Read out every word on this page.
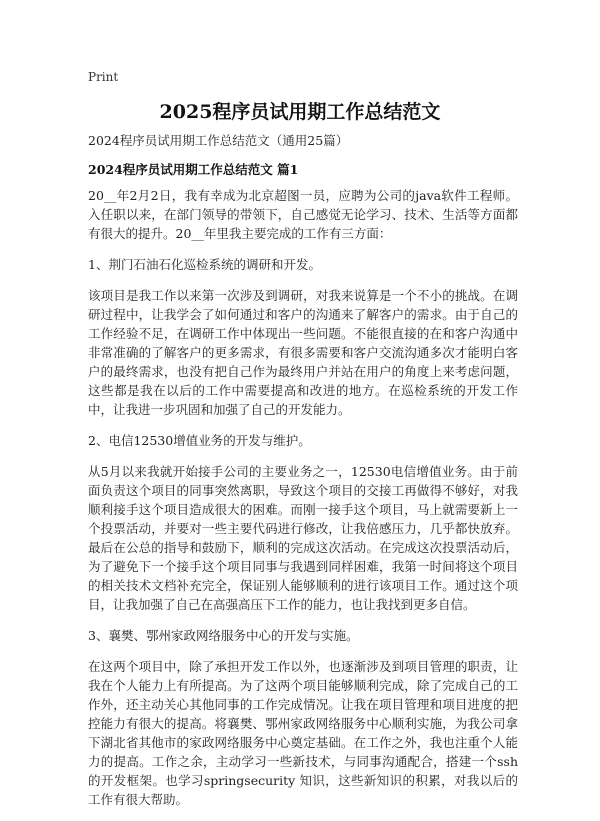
Print
2025程序员试用期工作总结范文
2024程序员试用期工作总结范文（通用25篇）
2024程序员试用期工作总结范文 篇1

20__年2月2日，我有幸成为北京超图一员，应聘为公司的java软件工程师。入任职以来，在部门领导的带领下，自己感觉无论学习、技术、生活等方面都有很大的提升。20__年里我主要完成的工作有三方面：

1、荆门石油石化巡检系统的调研和开发。

该项目是我工作以来第一次涉及到调研，对我来说算是一个不小的挑战。在调研过程中，让我学会了如何通过和客户的沟通来了解客户的需求。由于自己的工作经验不足，在调研工作中体现出一些问题。不能很直接的在和客户沟通中非常准确的了解客户的更多需求，有很多需要和客户交流沟通多次才能明白客户的最终需求，也没有把自己作为最终用户并站在用户的角度上来考虑问题，这些都是我在以后的工作中需要提高和改进的地方。在巡检系统的开发工作中，让我进一步巩固和加强了自己的开发能力。

2、电信12530增值业务的开发与维护。

从5月以来我就开始接手公司的主要业务之一，12530电信增值业务。由于前面负责这个项目的同事突然离职，导致这个项目的交接工再做得不够好，对我顺利接手这个项目造成很大的困难。而刚一接手这个项目，马上就需要新上一个投票活动，并要对一些主要代码进行修改，让我倍感压力，几乎都快放弃。最后在公总的指导和鼓励下，顺利的完成这次活动。在完成这次投票活动后，为了避免下一个接手这个项目同事与我遇到同样困难，我第一时间将这个项目的相关技术文档补充完全，保证别人能够顺利的进行该项目工作。通过这个项目，让我加强了自己在高强高压下工作的能力，也让我找到更多自信。

3、襄樊、鄂州家政网络服务中心的开发与实施。

在这两个项目中，除了承担开发工作以外，也逐渐涉及到项目管理的职责，让我在个人能力上有所提高。为了这两个项目能够顺利完成，除了完成自己的工作外，还主动关心其他同事的工作完成情况。让我在项目管理和项目进度的把控能力有很大的提高。将襄樊、鄂州家政网络服务中心顺利实施，为我公司拿下湖北省其他市的家政网络服务中心奠定基础。在工作之外，我也注重个人能力的提高。工作之余，主动学习一些新技术，与同事沟通配合，搭建一个ssh的开发框架。也学习springsecurity 知识，这些新知识的积累，对我以后的工作有很大帮助。
